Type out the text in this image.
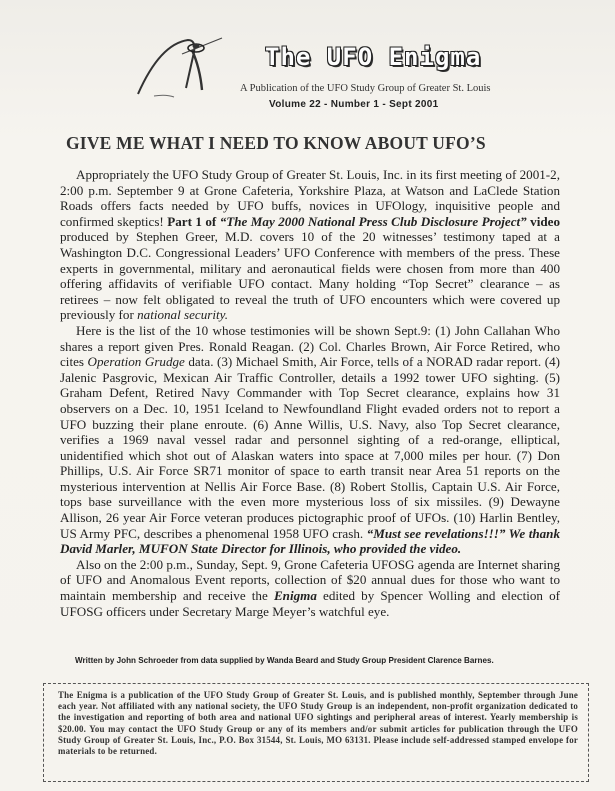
The UFO Enigma
A Publication of the UFO Study Group of Greater St. Louis
Volume 22 - Number 1 - Sept 2001
GIVE ME WHAT I NEED TO KNOW ABOUT UFO’S

Appropriately the UFO Study Group of Greater St. Louis, Inc. in its first meeting of 2001-2, 2:00 p.m. September 9 at Grone Cafeteria, Yorkshire Plaza, at Watson and LaClede Station Roads offers facts needed by UFO buffs, novices in UFOlogy, inquisitive people and confirmed skeptics! Part 1 of “The May 2000 National Press Club Disclosure Project” video produced by Stephen Greer, M.D. covers 10 of the 20 witnesses’ testimony taped at a Washington D.C. Congressional Leaders’ UFO Conference with members of the press. These experts in governmental, military and aeronautical fields were chosen from more than 400 offering affidavits of verifiable UFO contact. Many holding “Top Secret” clearance – as retirees – now felt obligated to reveal the truth of UFO encounters which were covered up previously for national security.

Here is the list of the 10 whose testimonies will be shown Sept.9: (1) John Callahan Who shares a report given Pres. Ronald Reagan. (2) Col. Charles Brown, Air Force Retired, who cites Operation Grudge data. (3) Michael Smith, Air Force, tells of a NORAD radar report. (4) Jalenic Pasgrovic, Mexican Air Traffic Controller, details a 1992 tower UFO sighting. (5) Graham Defent, Retired Navy Commander with Top Secret clearance, explains how 31 observers on a Dec. 10, 1951 Iceland to Newfoundland Flight evaded orders not to report a UFO buzzing their plane enroute. (6) Anne Willis, U.S. Navy, also Top Secret clearance, verifies a 1969 naval vessel radar and personnel sighting of a red-orange, elliptical, unidentified which shot out of Alaskan waters into space at 7,000 miles per hour. (7) Don Phillips, U.S. Air Force SR71 monitor of space to earth transit near Area 51 reports on the mysterious intervention at Nellis Air Force Base. (8) Robert Stollis, Captain U.S. Air Force, tops base surveillance with the even more mysterious loss of six missiles. (9) Dewayne Allison, 26 year Air Force veteran produces pictographic proof of UFOs. (10) Harlin Bentley, US Army PFC, describes a phenomenal 1958 UFO crash. “Must see revelations!!!” We thank David Marler, MUFON State Director for Illinois, who provided the video.

Also on the 2:00 p.m., Sunday, Sept. 9, Grone Cafeteria UFOSG agenda are Internet sharing of UFO and Anomalous Event reports, collection of $20 annual dues for those who want to maintain membership and receive the Enigma edited by Spencer Wolling and election of UFOSG officers under Secretary Marge Meyer’s watchful eye.

Written by John Schroeder from data supplied by Wanda Beard and Study Group President Clarence Barnes.
The Enigma is a publication of the UFO Study Group of Greater St. Louis, and is published monthly, September through June each year. Not affiliated with any national society, the UFO Study Group is an independent, non-profit organization dedicated to the investigation and reporting of both area and national UFO sightings and peripheral areas of interest. Yearly membership is $20.00. You may contact the UFO Study Group or any of its members and/or submit articles for publication through the UFO Study Group of Greater St. Louis, Inc., P.O. Box 31544, St. Louis, MO 63131. Please include self-addressed stamped envelope for materials to be returned.
